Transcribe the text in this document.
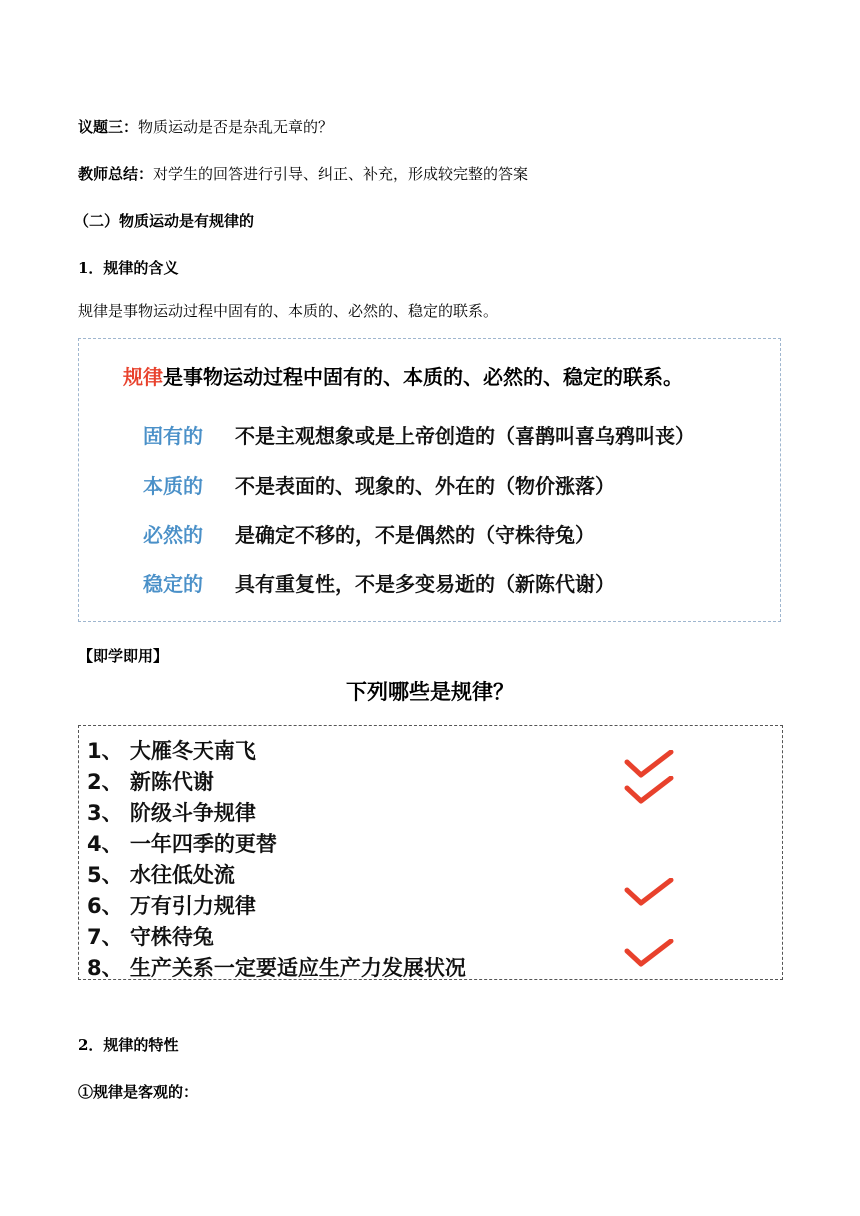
议题三：物质运动是否是杂乱无章的？
教师总结：对学生的回答进行引导、纠正、补充，形成较完整的答案
（二）物质运动是有规律的
1．规律的含义
规律是事物运动过程中固有的、本质的、必然的、稳定的联系。
规律是事物运动过程中固有的、本质的、必然的、稳定的联系。
固有的 不是主观想象或是上帝创造的（喜鹊叫喜乌鸦叫丧）
本质的 不是表面的、现象的、外在的（物价涨落）
必然的 是确定不移的，不是偶然的（守株待兔）
稳定的 具有重复性，不是多变易逝的（新陈代谢）
【即学即用】
下列哪些是规律？
1、 大雁冬天南飞
2、 新陈代谢
3、 阶级斗争规律
4、 一年四季的更替
5、 水往低处流
6、 万有引力规律
7、 守株待兔
8、 生产关系一定要适应生产力发展状况
2．规律的特性
①规律是客观的：
